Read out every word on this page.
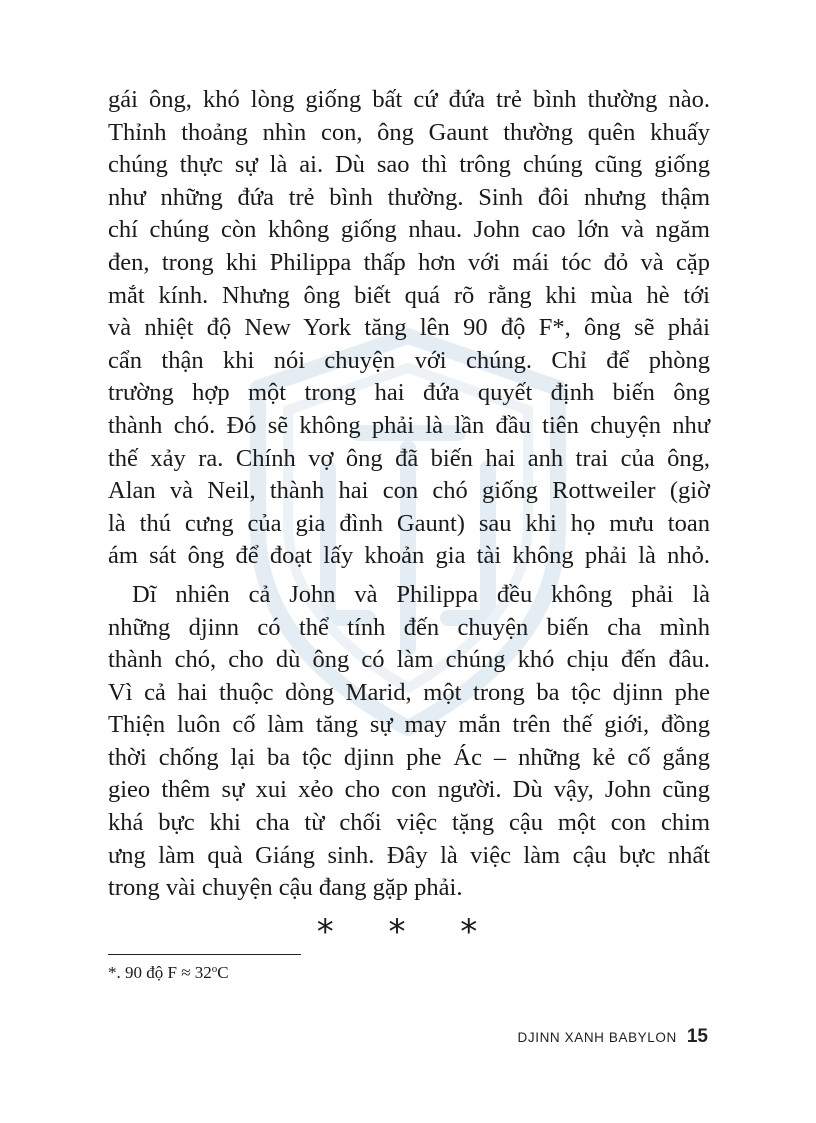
gái ông, khó lòng giống bất cứ đứa trẻ bình thường nào.
Thỉnh thoảng nhìn con, ông Gaunt thường quên khuấy
chúng thực sự là ai. Dù sao thì trông chúng cũng giống
như những đứa trẻ bình thường. Sinh đôi nhưng thậm
chí chúng còn không giống nhau. John cao lớn và ngăm
đen, trong khi Philippa thấp hơn với mái tóc đỏ và cặp
mắt kính. Nhưng ông biết quá rõ rằng khi mùa hè tới
và nhiệt độ New York tăng lên 90 độ F*, ông sẽ phải
cẩn thận khi nói chuyện với chúng. Chỉ để phòng
trường hợp một trong hai đứa quyết định biến ông
thành chó. Đó sẽ không phải là lần đầu tiên chuyện như
thế xảy ra. Chính vợ ông đã biến hai anh trai của ông,
Alan và Neil, thành hai con chó giống Rottweiler (giờ
là thú cưng của gia đình Gaunt) sau khi họ mưu toan
ám sát ông để đoạt lấy khoản gia tài không phải là nhỏ.
Dĩ nhiên cả John và Philippa đều không phải là
những djinn có thể tính đến chuyện biến cha mình
thành chó, cho dù ông có làm chúng khó chịu đến đâu.
Vì cả hai thuộc dòng Marid, một trong ba tộc djinn phe
Thiện luôn cố làm tăng sự may mắn trên thế giới, đồng
thời chống lại ba tộc djinn phe Ác – những kẻ cố gắng
gieo thêm sự xui xẻo cho con người. Dù vậy, John cũng
khá bực khi cha từ chối việc tặng cậu một con chim
ưng làm quà Giáng sinh. Đây là việc làm cậu bực nhất
trong vài chuyện cậu đang gặp phải.
* * *
*. 90 độ $F \approx 32^oC$
DJINN XANH BABYLON 15
